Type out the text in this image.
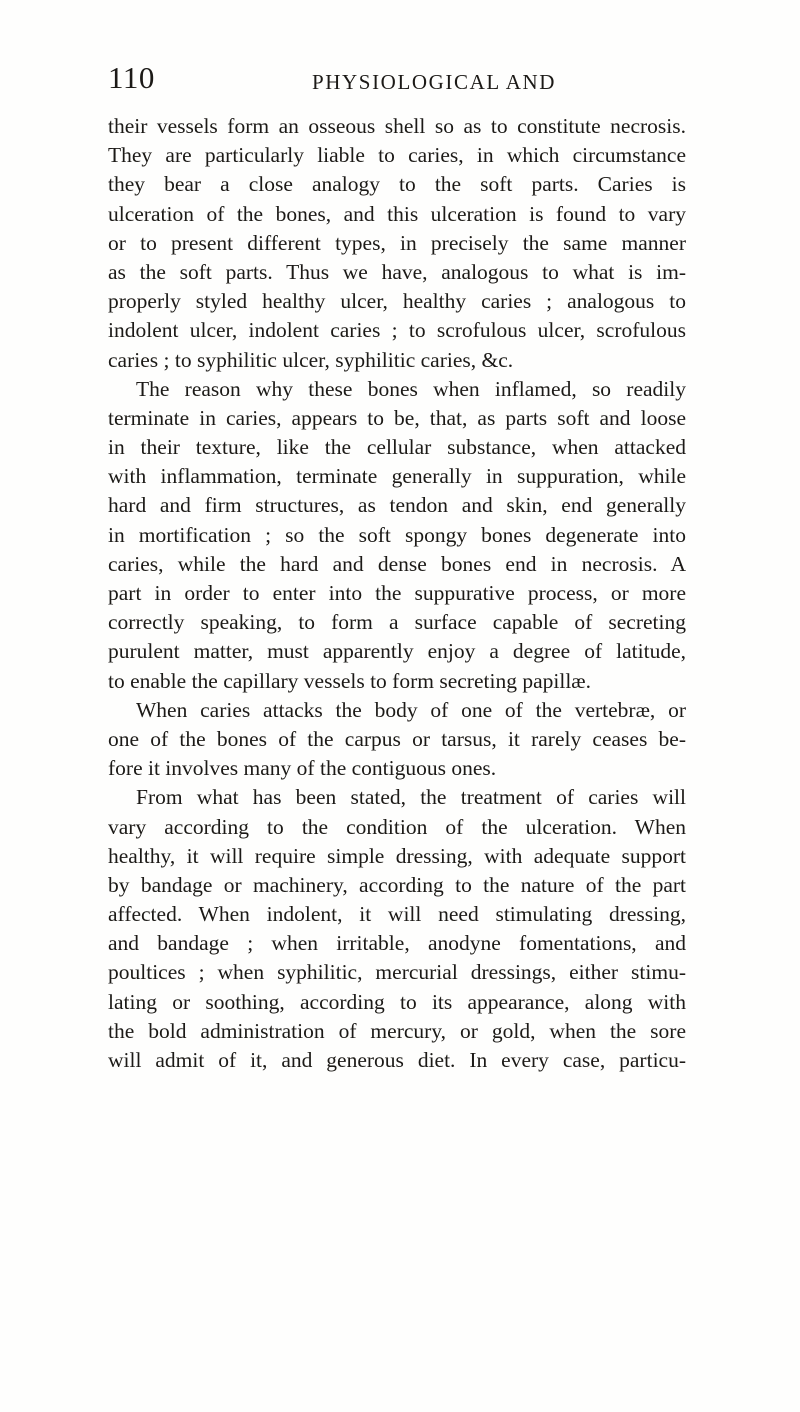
110	PHYSIOLOGICAL AND
their vessels form an osseous shell so as to constitute necrosis.
They are particularly liable to caries, in which circumstance
they bear a close analogy to the soft parts. Caries is
ulceration of the bones, and this ulceration is found to vary
or to present different types, in precisely the same manner
as the soft parts. Thus we have, analogous to what is im-
properly styled healthy ulcer, healthy caries ; analogous to
indolent ulcer, indolent caries ; to scrofulous ulcer, scrofulous
caries ; to syphilitic ulcer, syphilitic caries, &c.
The reason why these bones when inflamed, so readily
terminate in caries, appears to be, that, as parts soft and loose
in their texture, like the cellular substance, when attacked
with inflammation, terminate generally in suppuration, while
hard and firm structures, as tendon and skin, end generally
in mortification ; so the soft spongy bones degenerate into
caries, while the hard and dense bones end in necrosis. A
part in order to enter into the suppurative process, or more
correctly speaking, to form a surface capable of secreting
purulent matter, must apparently enjoy a degree of latitude,
to enable the capillary vessels to form secreting papillæ.
When caries attacks the body of one of the vertebræ, or
one of the bones of the carpus or tarsus, it rarely ceases be-
fore it involves many of the contiguous ones.
From what has been stated, the treatment of caries will
vary according to the condition of the ulceration. When
healthy, it will require simple dressing, with adequate support
by bandage or machinery, according to the nature of the part
affected. When indolent, it will need stimulating dressing,
and bandage ; when irritable, anodyne fomentations, and
poultices ; when syphilitic, mercurial dressings, either stimu-
lating or soothing, according to its appearance, along with
the bold administration of mercury, or gold, when the sore
will admit of it, and generous diet. In every case, particu-
